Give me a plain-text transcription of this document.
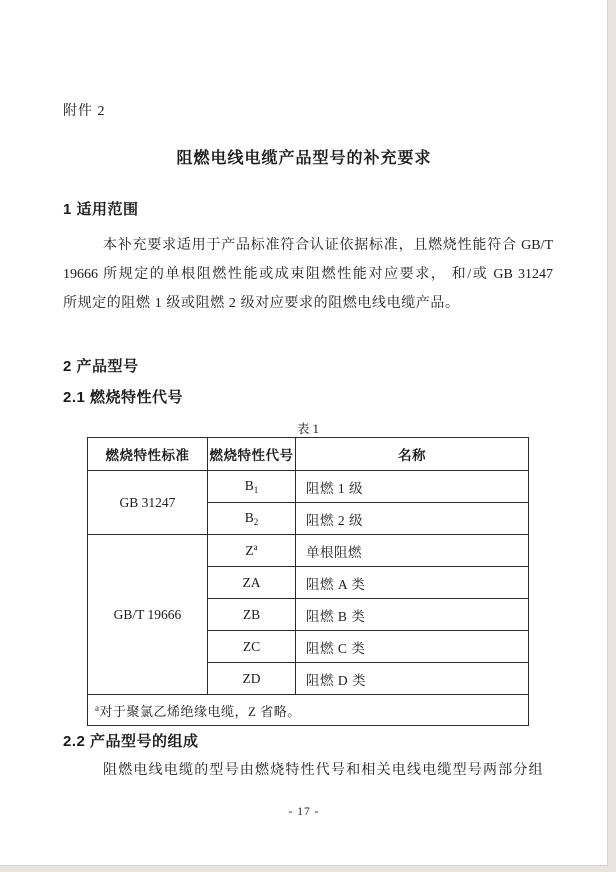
附件 2
阻燃电线电缆产品型号的补充要求
1 适用范围
本补充要求适用于产品标准符合认证依据标准，且燃烧性能符合 GB/T
19666 所规定的单根阻燃性能或成束阻燃性能对应要求， 和/或 GB 31247
所规定的阻燃 1 级或阻燃 2 级对应要求的阻燃电线电缆产品。
2 产品型号
2.1 燃烧特性代号
表 1
燃烧特性标准	燃烧特性代号	名称
GB 31247	$B_1$	阻燃 1 级
	$B_2$	阻燃 2 级
GB/T 19666	$Z^a$	单根阻燃
	ZA	阻燃 A 类
	ZB	阻燃 B 类
	ZC	阻燃 C 类
	ZD	阻燃 D 类
$^a$对于聚氯乙烯绝缘电缆，Z 省略。		
2.2 产品型号的组成
阻燃电线电缆的型号由燃烧特性代号和相关电线电缆型号两部分组
- 17 -
